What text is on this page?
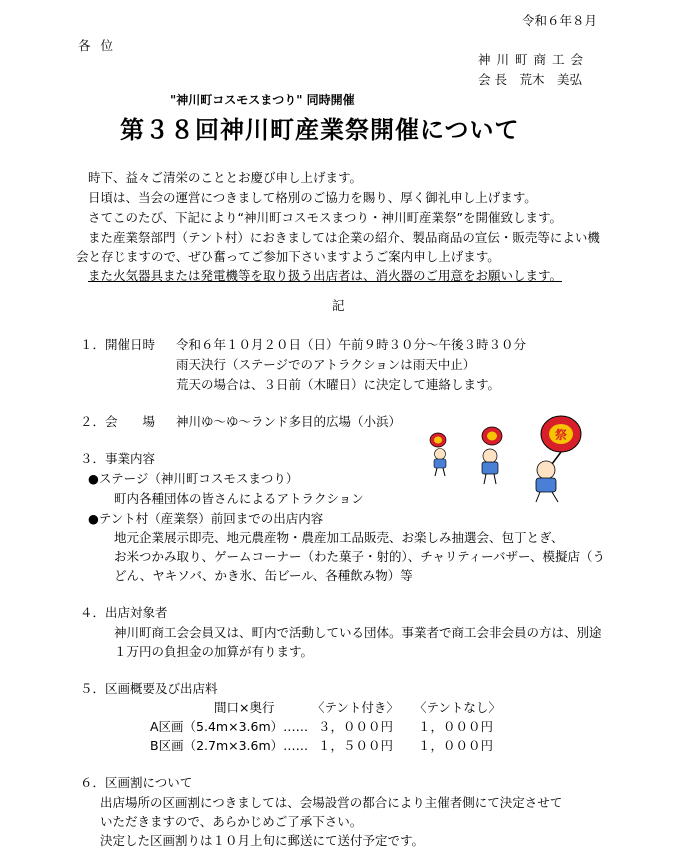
令和６年８月
各位
神川町商工会
会 長　荒木　美弘
"神川町コスモスまつり" 同時開催
第３８回神川町産業祭開催について
時下、益々ご清栄のこととお慶び申し上げます。
日頃は、当会の運営につきまして格別のご協力を賜り、厚く御礼申し上げます。
さてこのたび、下記により“神川町コスモスまつり・神川町産業祭”を開催致します。
また産業祭部門（テント村）におきましては企業の紹介、製品商品の宣伝・販売等によい機
会と存じますので、ぜひ奮ってご参加下さいますようご案内申し上げます。
また火気器具または発電機等を取り扱う出店者は、消火器のご用意をお願いします。
記
１．開催日時 令和６年１０月２０日（日）午前９時３０分～午後３時３０分
雨天決行（ステージでのアトラクションは雨天中止）
荒天の場合は、３日前（木曜日）に決定して連絡します。
２．会　　場 神川ゆ～ゆ～ランド多目的広場（小浜）
３．事業内容
●ステージ（神川町コスモスまつり）
町内各種団体の皆さんによるアトラクション
●テント村（産業祭）前回までの出店内容
地元企業展示即売、地元農産物・農産加工品販売、お楽しみ抽選会、包丁とぎ、
お米つかみ取り、ゲームコーナー（わた菓子・射的）、チャリティーバザー、模擬店（う
どん、ヤキソバ、かき氷、缶ビール、各種飲み物）等
祭
４．出店対象者
神川町商工会会員又は、町内で活動している団体。事業者で商工会非会員の方は、別途
１万円の負担金の加算が有ります。
５．区画概要及び出店料
間口×奥行	〈テント付き〉 〈テントなし〉
A区画（5.4m×3.6m）…… ３，０００円 １，０００円
B区画（2.7m×3.6m）…… １，５００円 １，０００円
６．区画割について
出店場所の区画割につきましては、会場設営の都合により主催者側にて決定させて
いただきますので、あらかじめご了承下さい。
決定した区画割りは１０月上旬に郵送にて送付予定です。
